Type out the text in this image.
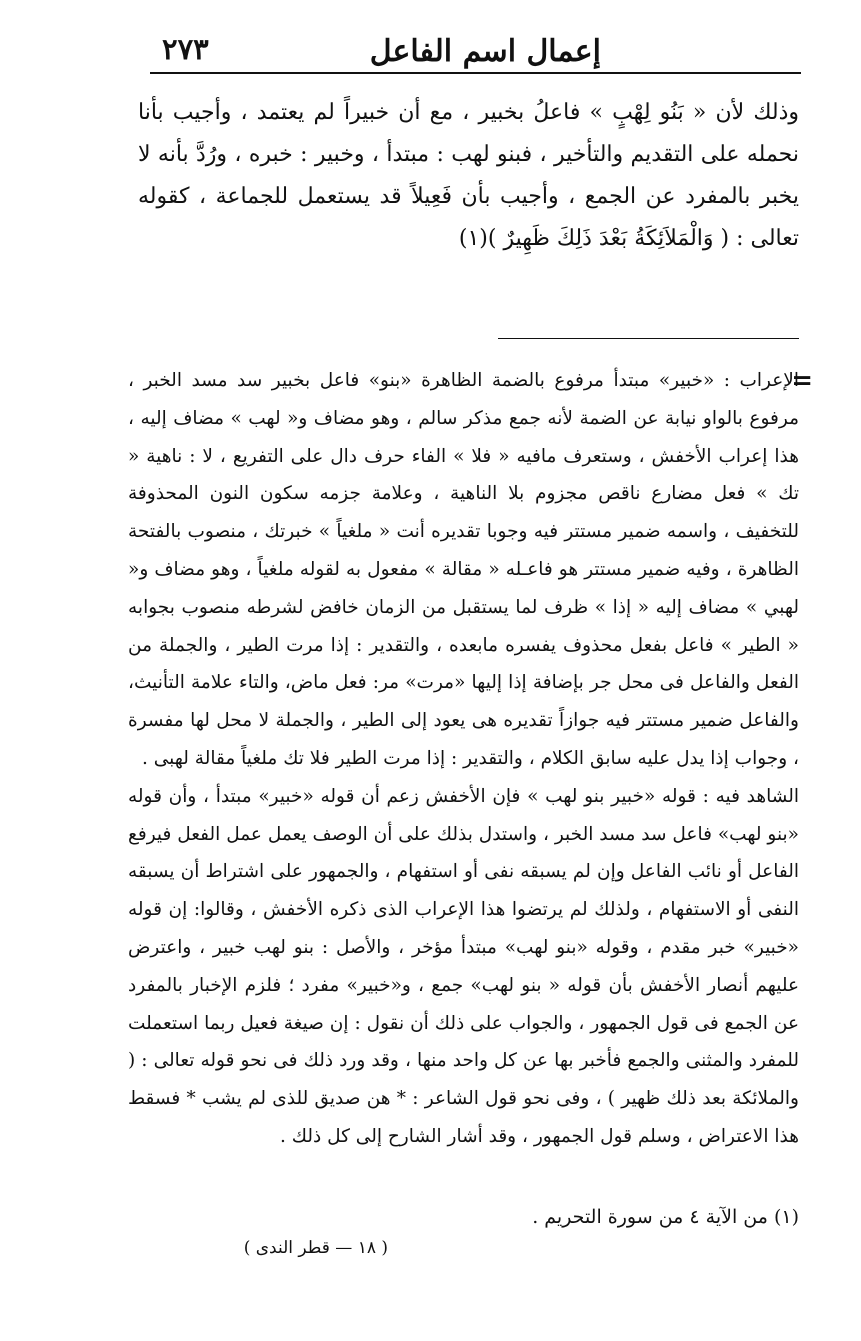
إعمال اسم الفاعل
٢٧٣

وذلك لأن « بَنُو لِهْبٍ » فاعلُ بخبير ، مع أن خبيراً لم يعتمد ، وأجيب بأنا نحمله على التقديم والتأخير ، فبنو لهب : مبتدأ ، وخبير : خبره ، ورُدَّ بأنه لا يخبر بالمفرد عن الجمع ، وأجيب بأن فَعِيلاً قد يستعمل للجماعة ، كقوله تعالى : ( وَالْمَلاَئِكَةُ بَعْدَ ذَلِكَ ظَهِيرٌ )(١)

=

الإعراب : «خبير» مبتدأ مرفوع بالضمة الظاهرة «بنو» فاعل بخبير سد مسد الخبر ، مرفوع بالواو نيابة عن الضمة لأنه جمع مذكر سالم ، وهو مضاف و« لهب » مضاف إليه ، هذا إعراب الأخفش ، وستعرف مافيه « فلا » الفاء حرف دال على التفريع ، لا : ناهية « تك » فعل مضارع ناقص مجزوم بلا الناهية ، وعلامة جزمه سكون النون المحذوفة للتخفيف ، واسمه ضمير مستتر فيه وجوبا تقديره أنت « ملغياً » خبرتك ، منصوب بالفتحة الظاهرة ، وفيه ضمير مستتر هو فاعـله « مقالة » مفعول به لقوله ملغياً ، وهو مضاف و« لهبي » مضاف إليه « إذا » ظرف لما يستقبل من الزمان خافض لشرطه منصوب بجوابه « الطير » فاعل بفعل محذوف يفسره مابعده ، والتقدير : إذا مرت الطير ، والجملة من الفعل والفاعل فى محل جر بإضافة إذا إليها «مرت» مر: فعل ماض، والتاء علامة التأنيث، والفاعل ضمير مستتر فيه جوازاً تقديره هى يعود إلى الطير ، والجملة لا محل لها مفسرة ، وجواب إذا يدل عليه سابق الكلام ، والتقدير : إذا مرت الطير فلا تك ملغياً مقالة لهبى .

الشاهد فيه : قوله «خبير بنو لهب » فإن الأخفش زعم أن قوله «خبير» مبتدأ ، وأن قوله «بنو لهب» فاعل سد مسد الخبر ، واستدل بذلك على أن الوصف يعمل عمل الفعل فيرفع الفاعل أو نائب الفاعل وإن لم يسبقه نفى أو استفهام ، والجمهور على اشتراط أن يسبقه النفى أو الاستفهام ، ولذلك لم يرتضوا هذا الإعراب الذى ذكره الأخفش ، وقالوا: إن قوله «خبير» خبر مقدم ، وقوله «بنو لهب» مبتدأ مؤخر ، والأصل : بنو لهب خبير ، واعترض عليهم أنصار الأخفش بأن قوله « بنو لهب» جمع ، و«خبير» مفرد ؛ فلزم الإخبار بالمفرد عن الجمع فى قول الجمهور ، والجواب على ذلك أن نقول : إن صيغة فعيل ربما استعملت للمفرد والمثنى والجمع فأخبر بها عن كل واحد منها ، وقد ورد ذلك فى نحو قوله تعالى : ( والملائكة بعد ذلك ظهير ) ، وفى نحو قول الشاعر : * هن صديق للذى لم يشب * فسقط هذا الاعتراض ، وسلم قول الجمهور ، وقد أشار الشارح إلى كل ذلك .

(١) من الآية ٤ من سورة التحريم .
( ١٨ — قطر الندى )
